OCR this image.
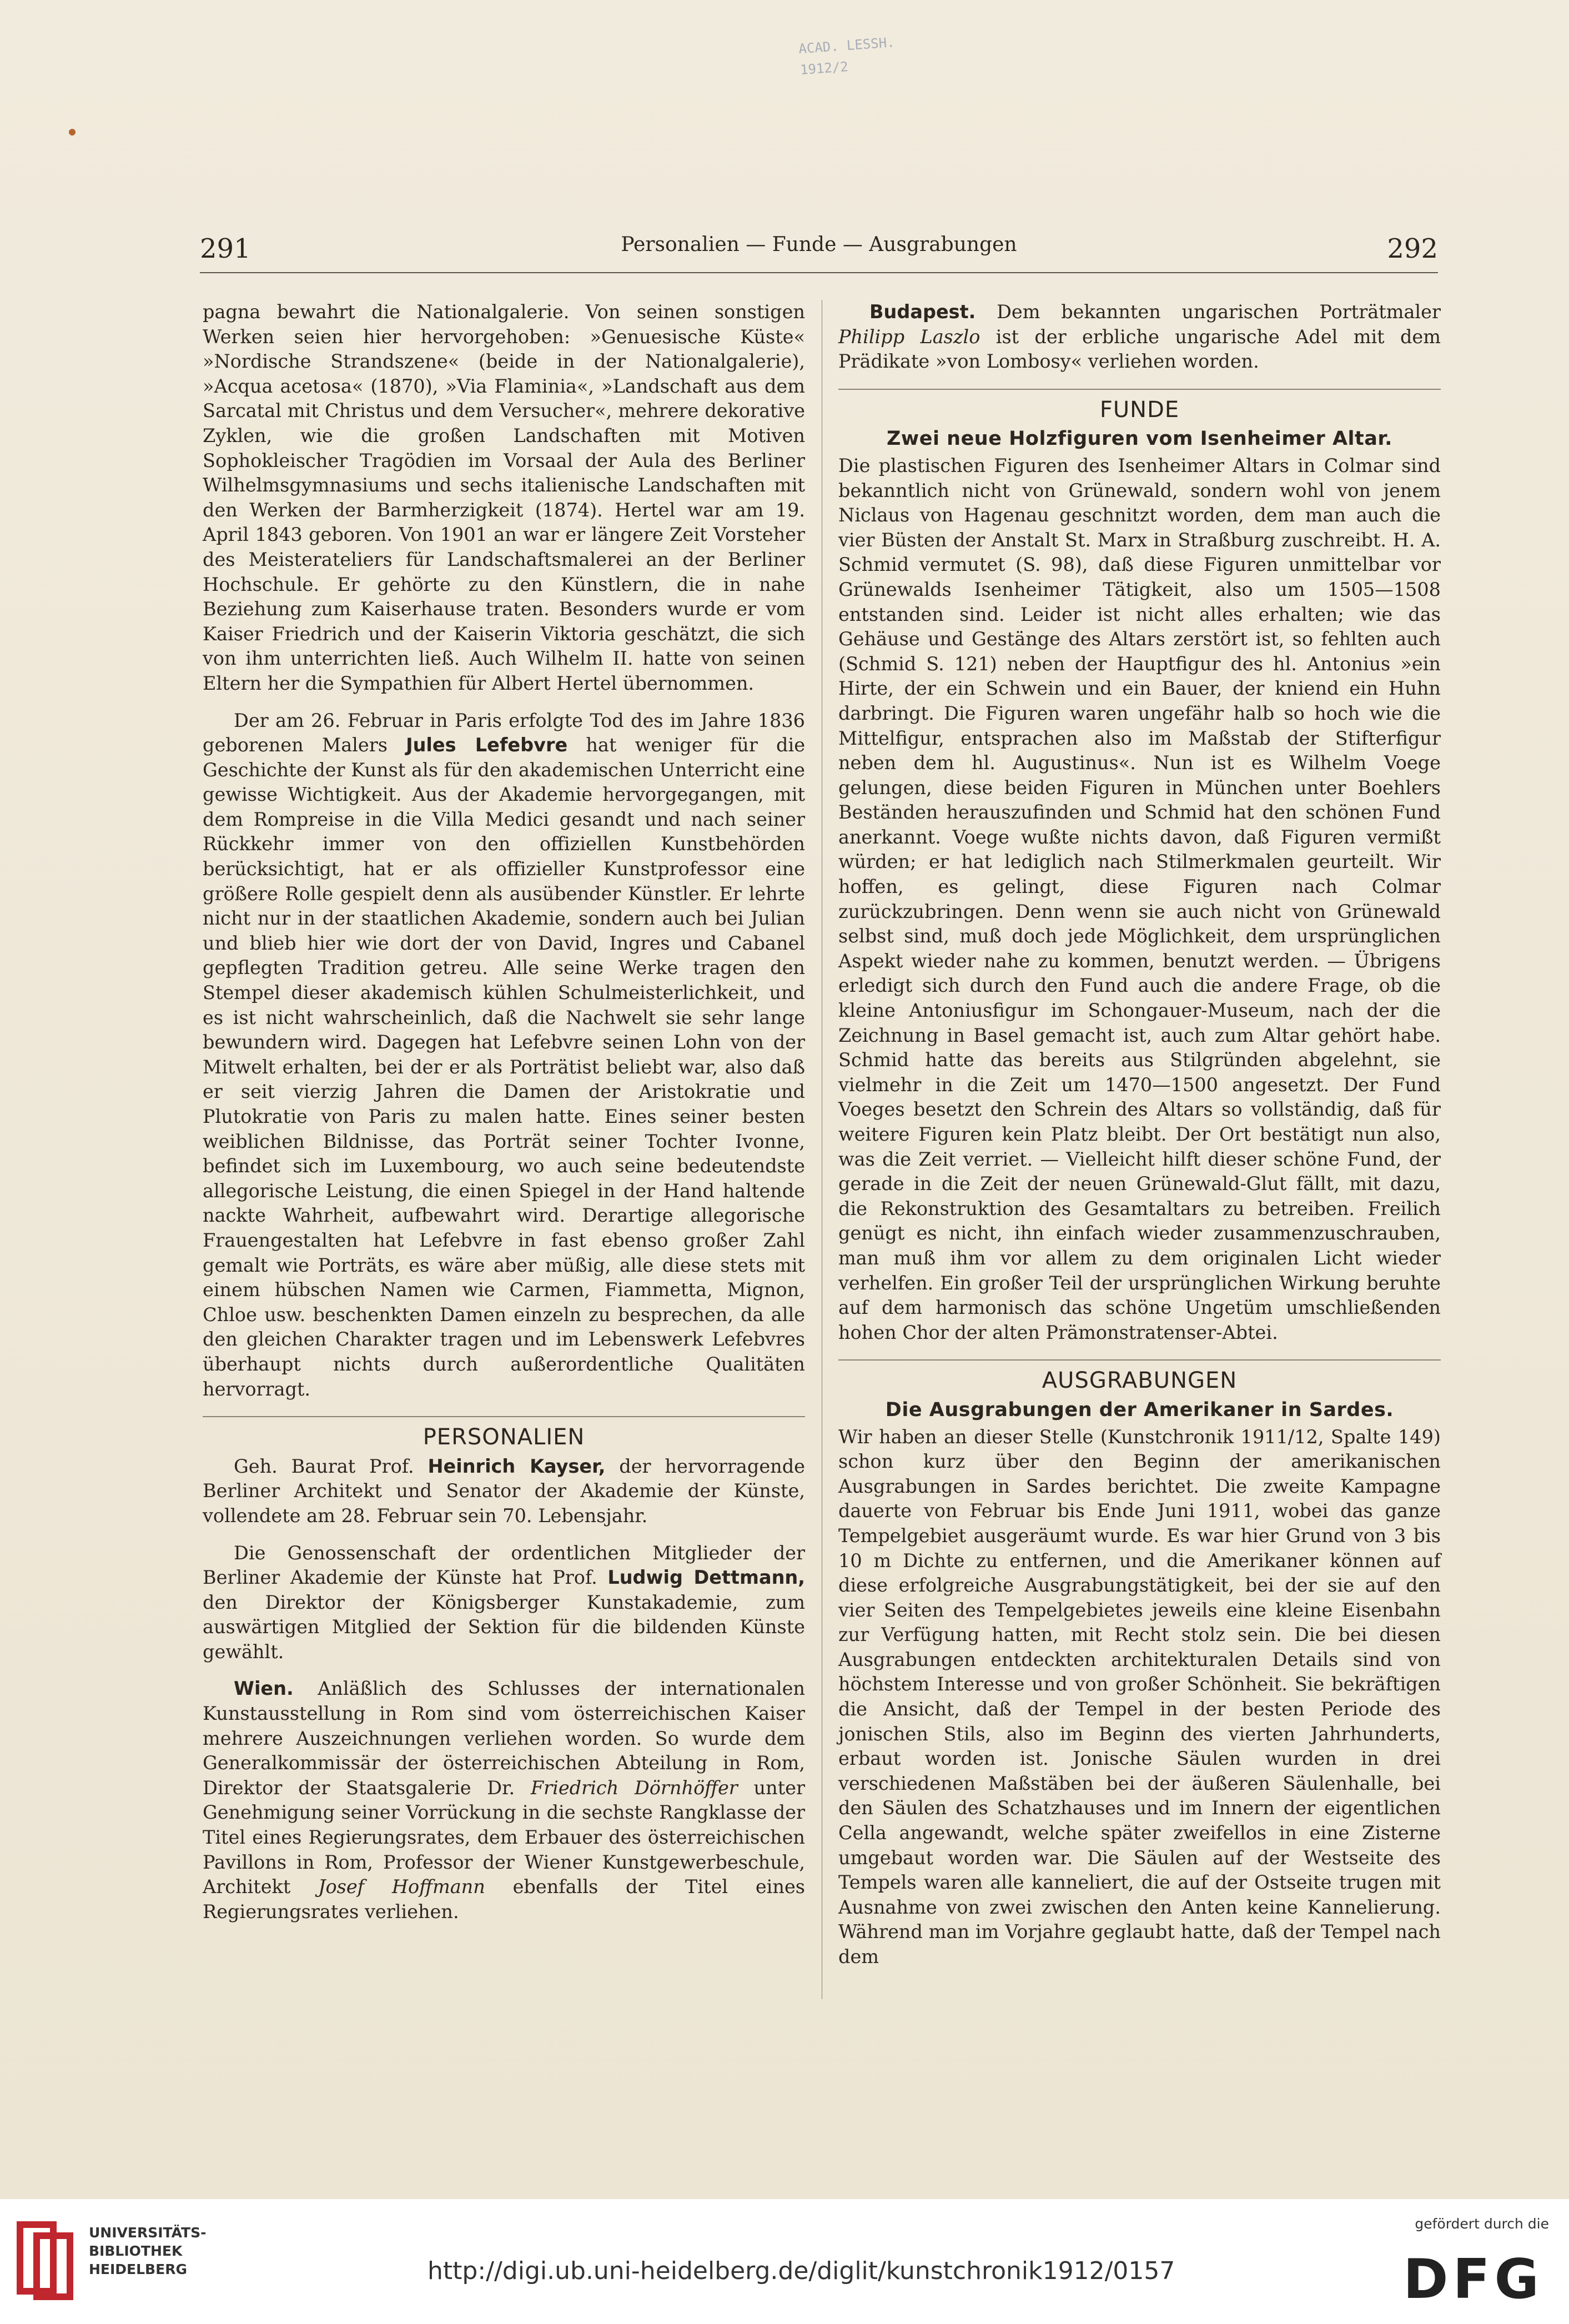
ACAD. LESSH.
1912/2
291	Personalien — Funde — Ausgrabungen	292

pagna bewahrt die Nationalgalerie. Von seinen sonstigen Werken seien hier hervorgehoben: »Genuesische Küste« »Nordische Strandszene« (beide in der Nationalgalerie), »Acqua acetosa« (1870), »Via Flaminia«, »Landschaft aus dem Sarcatal mit Christus und dem Versucher«, mehrere dekorative Zyklen, wie die großen Landschaften mit Motiven Sophokleischer Tragödien im Vorsaal der Aula des Berliner Wilhelmsgymnasiums und sechs italienische Landschaften mit den Werken der Barmherzigkeit (1874). Hertel war am 19. April 1843 geboren. Von 1901 an war er längere Zeit Vorsteher des Meisterateliers für Landschaftsmalerei an der Berliner Hochschule. Er gehörte zu den Künstlern, die in nahe Beziehung zum Kaiserhause traten. Besonders wurde er vom Kaiser Friedrich und der Kaiserin Viktoria geschätzt, die sich von ihm unterrichten ließ. Auch Wilhelm II. hatte von seinen Eltern her die Sympathien für Albert Hertel übernommen.

Der am 26. Februar in Paris erfolgte Tod des im Jahre 1836 geborenen Malers Jules Lefebvre hat weniger für die Geschichte der Kunst als für den akademischen Unterricht eine gewisse Wichtigkeit. Aus der Akademie hervorgegangen, mit dem Rompreise in die Villa Medici gesandt und nach seiner Rückkehr immer von den offiziellen Kunstbehörden berücksichtigt, hat er als offizieller Kunstprofessor eine größere Rolle gespielt denn als ausübender Künstler. Er lehrte nicht nur in der staatlichen Akademie, sondern auch bei Julian und blieb hier wie dort der von David, Ingres und Cabanel gepflegten Tradition getreu. Alle seine Werke tragen den Stempel dieser akademisch kühlen Schulmeisterlichkeit, und es ist nicht wahrscheinlich, daß die Nachwelt sie sehr lange bewundern wird. Dagegen hat Lefebvre seinen Lohn von der Mitwelt erhalten, bei der er als Porträtist beliebt war, also daß er seit vierzig Jahren die Damen der Aristokratie und Plutokratie von Paris zu malen hatte. Eines seiner besten weiblichen Bildnisse, das Porträt seiner Tochter Ivonne, befindet sich im Luxembourg, wo auch seine bedeutendste allegorische Leistung, die einen Spiegel in der Hand haltende nackte Wahrheit, aufbewahrt wird. Derartige allegorische Frauengestalten hat Lefebvre in fast ebenso großer Zahl gemalt wie Porträts, es wäre aber müßig, alle diese stets mit einem hübschen Namen wie Carmen, Fiammetta, Mignon, Chloe usw. beschenkten Damen einzeln zu besprechen, da alle den gleichen Charakter tragen und im Lebenswerk Lefebvres überhaupt nichts durch außerordentliche Qualitäten hervorragt.

PERSONALIEN

Geh. Baurat Prof. Heinrich Kayser, der hervorragende Berliner Architekt und Senator der Akademie der Künste, vollendete am 28. Februar sein 70. Lebensjahr.

Die Genossenschaft der ordentlichen Mitglieder der Berliner Akademie der Künste hat Prof. Ludwig Dettmann, den Direktor der Königsberger Kunstakademie, zum auswärtigen Mitglied der Sektion für die bildenden Künste gewählt.

Wien. Anläßlich des Schlusses der internationalen Kunstausstellung in Rom sind vom österreichischen Kaiser mehrere Auszeichnungen verliehen worden. So wurde dem Generalkommissär der österreichischen Abteilung in Rom, Direktor der Staatsgalerie Dr. Friedrich Dörnhöffer unter Genehmigung seiner Vorrückung in die sechste Rangklasse der Titel eines Regierungsrates, dem Erbauer des österreichischen Pavillons in Rom, Professor der Wiener Kunstgewerbeschule, Architekt Josef Hoffmann ebenfalls der Titel eines Regierungsrates verliehen.

Budapest. Dem bekannten ungarischen Porträtmaler Philipp Laszlo ist der erbliche ungarische Adel mit dem Prädikate »von Lombosy« verliehen worden.

FUNDE
Zwei neue Holzfiguren vom Isenheimer Altar.

Die plastischen Figuren des Isenheimer Altars in Colmar sind bekanntlich nicht von Grünewald, sondern wohl von jenem Niclaus von Hagenau geschnitzt worden, dem man auch die vier Büsten der Anstalt St. Marx in Straßburg zuschreibt. H. A. Schmid vermutet (S. 98), daß diese Figuren unmittelbar vor Grünewalds Isenheimer Tätigkeit, also um 1505—1508 entstanden sind. Leider ist nicht alles erhalten; wie das Gehäuse und Gestänge des Altars zerstört ist, so fehlten auch (Schmid S. 121) neben der Hauptfigur des hl. Antonius »ein Hirte, der ein Schwein und ein Bauer, der kniend ein Huhn darbringt. Die Figuren waren ungefähr halb so hoch wie die Mittelfigur, entsprachen also im Maßstab der Stifterfigur neben dem hl. Augustinus«. Nun ist es Wilhelm Voege gelungen, diese beiden Figuren in München unter Boehlers Beständen herauszufinden und Schmid hat den schönen Fund anerkannt. Voege wußte nichts davon, daß Figuren vermißt würden; er hat lediglich nach Stilmerkmalen geurteilt. Wir hoffen, es gelingt, diese Figuren nach Colmar zurückzubringen. Denn wenn sie auch nicht von Grünewald selbst sind, muß doch jede Möglichkeit, dem ursprünglichen Aspekt wieder nahe zu kommen, benutzt werden. — Übrigens erledigt sich durch den Fund auch die andere Frage, ob die kleine Antoniusfigur im Schongauer-Museum, nach der die Zeichnung in Basel gemacht ist, auch zum Altar gehört habe. Schmid hatte das bereits aus Stilgründen abgelehnt, sie vielmehr in die Zeit um 1470—1500 angesetzt. Der Fund Voeges besetzt den Schrein des Altars so vollständig, daß für weitere Figuren kein Platz bleibt. Der Ort bestätigt nun also, was die Zeit verriet. — Vielleicht hilft dieser schöne Fund, der gerade in die Zeit der neuen Grünewald-Glut fällt, mit dazu, die Rekonstruktion des Gesamtaltars zu betreiben. Freilich genügt es nicht, ihn einfach wieder zusammenzuschrauben, man muß ihm vor allem zu dem originalen Licht wieder verhelfen. Ein großer Teil der ursprünglichen Wirkung beruhte auf dem harmonisch das schöne Ungetüm umschließenden hohen Chor der alten Prämonstratenser-Abtei.

AUSGRABUNGEN
Die Ausgrabungen der Amerikaner in Sardes.

Wir haben an dieser Stelle (Kunstchronik 1911/12, Spalte 149) schon kurz über den Beginn der amerikanischen Ausgrabungen in Sardes berichtet. Die zweite Kampagne dauerte von Februar bis Ende Juni 1911, wobei das ganze Tempelgebiet ausgeräumt wurde. Es war hier Grund von 3 bis 10 m Dichte zu entfernen, und die Amerikaner können auf diese erfolgreiche Ausgrabungstätigkeit, bei der sie auf den vier Seiten des Tempelgebietes jeweils eine kleine Eisenbahn zur Verfügung hatten, mit Recht stolz sein. Die bei diesen Ausgrabungen entdeckten architekturalen Details sind von höchstem Interesse und von großer Schönheit. Sie bekräftigen die Ansicht, daß der Tempel in der besten Periode des jonischen Stils, also im Beginn des vierten Jahrhunderts, erbaut worden ist. Jonische Säulen wurden in drei verschiedenen Maßstäben bei der äußeren Säulenhalle, bei den Säulen des Schatzhauses und im Innern der eigentlichen Cella angewandt, welche später zweifellos in eine Zisterne umgebaut worden war. Die Säulen auf der Westseite des Tempels waren alle kanneliert, die auf der Ostseite trugen mit Ausnahme von zwei zwischen den Anten keine Kannelierung. Während man im Vorjahre geglaubt hatte, daß der Tempel nach dem

UNIVERSITÄTS-
BIBLIOTHEK
HEIDELBERG	http://digi.ub.uni-heidelberg.de/diglit/kunstchronik1912/0157
gefördert durch die
DFG
